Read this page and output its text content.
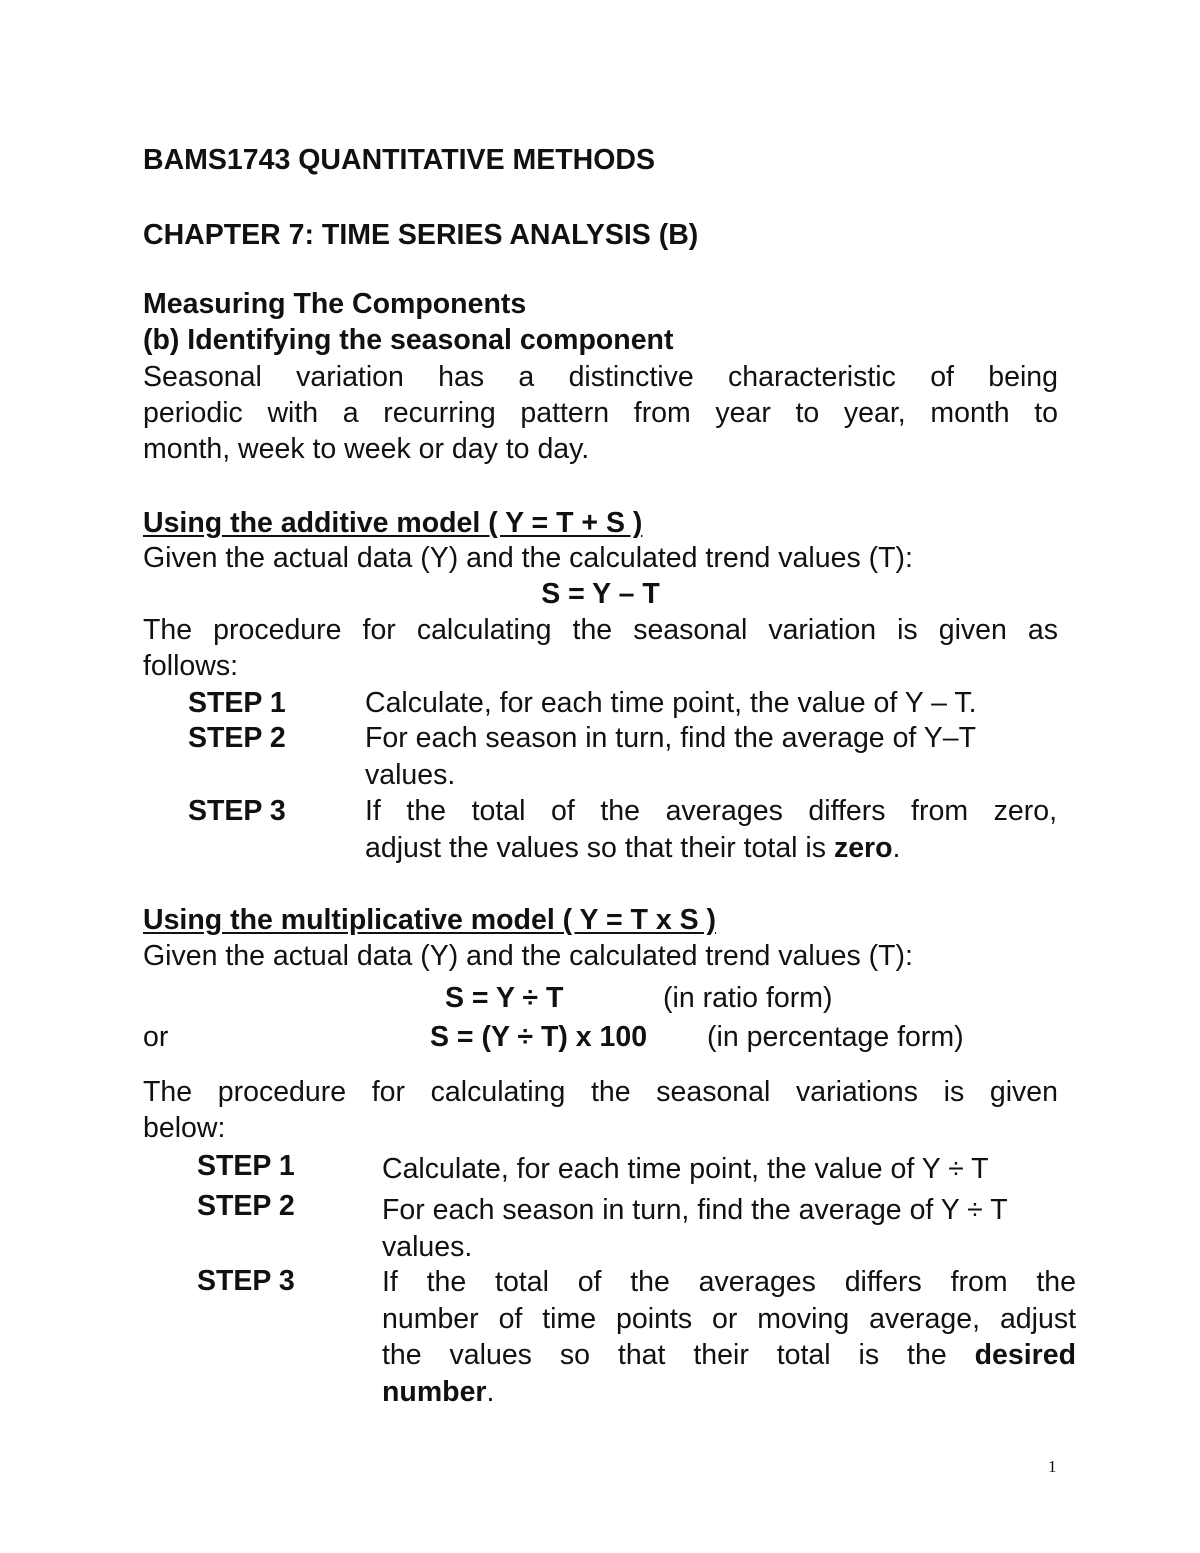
BAMS1743 QUANTITATIVE METHODS
CHAPTER 7: TIME SERIES ANALYSIS (B)
Measuring The Components
(b) Identifying the seasonal component
Seasonal variation has a distinctive characteristic of being
periodic with a recurring pattern from year to year, month to
month, week to week or day to day.
Using the additive model ( Y = T + S )
Given the actual data (Y) and the calculated trend values (T):
S = Y – T
The procedure for calculating the seasonal variation is given as
follows:
STEP 1	Calculate, for each time point, the value of Y – T.
STEP 2	For each season in turn, find the average of Y–T
values.
STEP 3	If the total of the averages differs from zero,
adjust the values so that their total is zero.
Using the multiplicative model ( Y = T x S )
Given the actual data (Y) and the calculated trend values (T):
S = Y ÷ T	(in ratio form)
or	S = (Y ÷ T) x 100 (in percentage form)
The procedure for calculating the seasonal variations is given
below:
STEP 1	Calculate, for each time point, the value of Y ÷ T
STEP 2	For each season in turn, find the average of Y ÷ T
values.
STEP 3	If the total of the averages differs from the
number of time points or moving average, adjust
the values so that their total is the desired
number.
1
